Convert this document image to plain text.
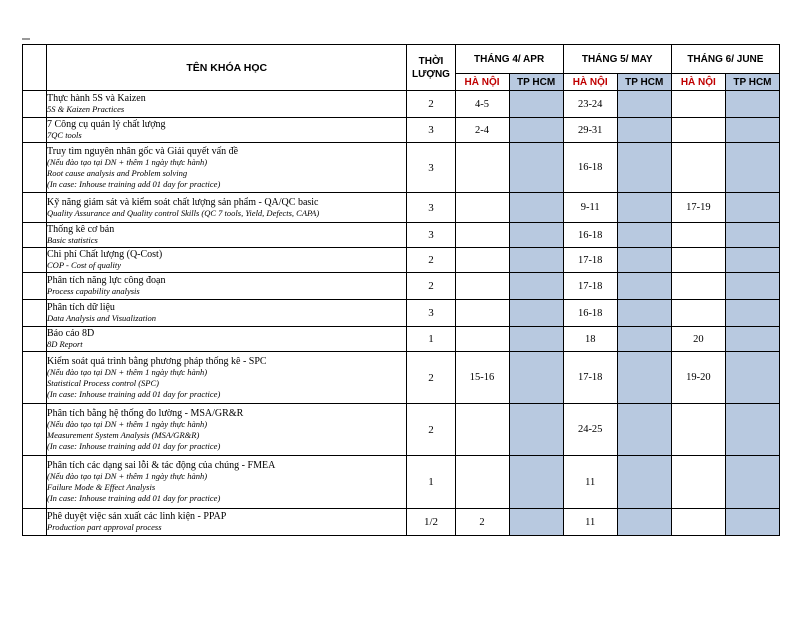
	TÊN KHÓA HỌC	THỜI
LƯỢNG	THÁNG 4/ APR		THÁNG 5/ MAY		THÁNG 6/ JUNE	
			HÀ NỘI	TP HCM	HÀ NỘI	TP HCM	HÀ NỘI	TP HCM

	Thực hành 5S và Kaizen
5S & Kaizen Practices	2	4-5		23-24			

	7 Công cụ quản lý chất lượng
7QC tools	3	2-4		29-31			

	Truy tìm nguyên nhân gốc và Giải quyết vấn đề
(Nếu đào tạo tại DN + thêm 1 ngày thực hành)
Root cause analysis and Problem solving
(In case: Inhouse training add 01 day for practice)	3			16-18			

	Kỹ năng giám sát và kiểm soát chất lượng sản phẩm - QA/QC basic
Quality Assurance and Quality control Skills (QC 7 tools, Yield, Defects, CAPA)	3			9-11		17-19	

	Thống kê cơ bản
Basic statistics	3			16-18			

	Chi phí Chất lượng (Q-Cost)
COP - Cost of quality	2			17-18			

	Phân tích năng lực công đoạn
Process capability analysis	2			17-18			

	Phân tích dữ liệu
Data Analysis and Visualization	3			16-18			

	Báo cáo 8D
8D Report	1			18		20	

	Kiểm soát quá trình bằng phương pháp thống kê - SPC
(Nếu đào tạo tại DN + thêm 1 ngày thực hành)
Statistical Process control (SPC)
(In case: Inhouse training add 01 day for practice)	2	15-16		17-18		19-20	

	Phân tích bằng hệ thống đo lường - MSA/GR&R
(Nếu đào tạo tại DN + thêm 1 ngày thực hành)
Measurement System Analysis (MSA/GR&R)
(In case: Inhouse training add 01 day for practice)	2			24-25			

	Phân tích các dạng sai lỗi & tác động của chúng - FMEA
(Nếu đào tạo tại DN + thêm 1 ngày thực hành)
Failure Mode & Effect Analysis
(In case: Inhouse training add 01 day for practice)	1			11			

	Phê duyệt việc sản xuất các linh kiện - PPAP
Production part approval process	1/2	2		11			
